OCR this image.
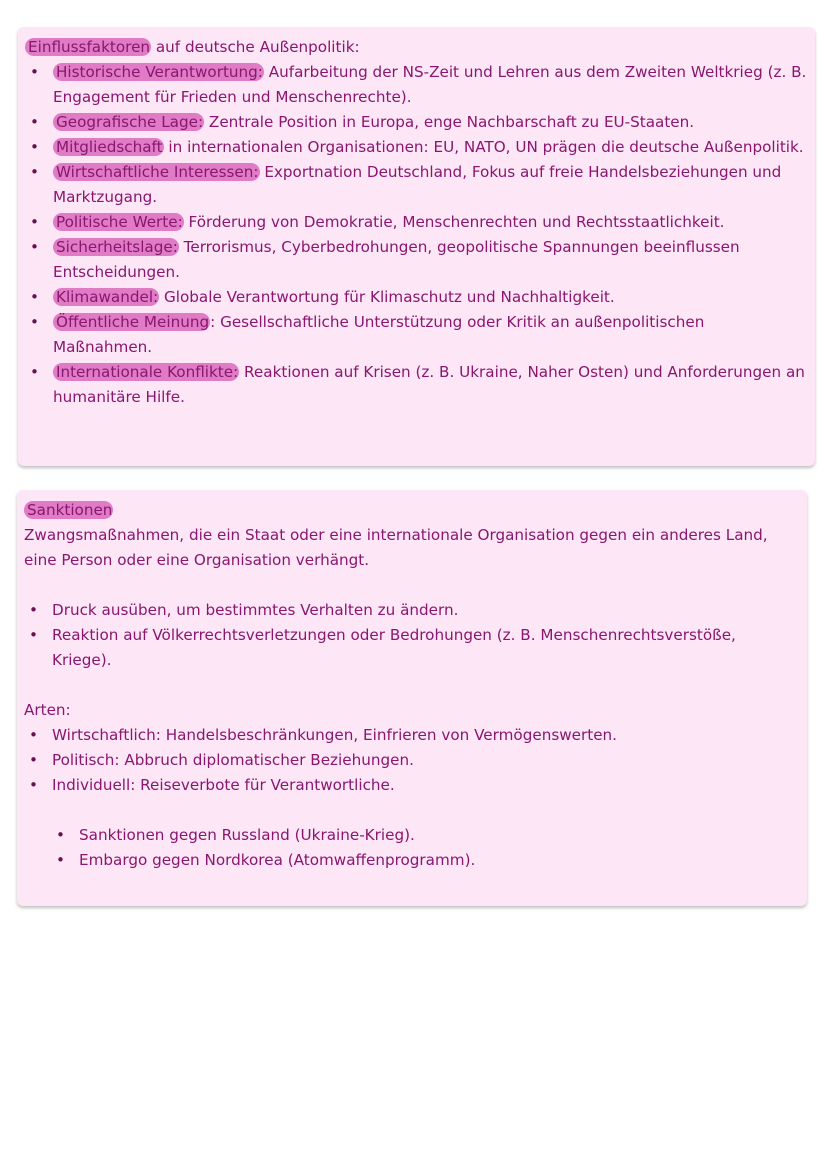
Einflussfaktoren auf deutsche Außenpolitik:
• Historische Verantwortung: Aufarbeitung der NS-Zeit und Lehren aus dem Zweiten Weltkrieg (z. B. Engagement für Frieden und Menschenrechte).
• Geografische Lage: Zentrale Position in Europa, enge Nachbarschaft zu EU-Staaten.
• Mitgliedschaft in internationalen Organisationen: EU, NATO, UN prägen die deutsche Außenpolitik.
• Wirtschaftliche Interessen: Exportnation Deutschland, Fokus auf freie Handelsbeziehungen und Marktzugang.
• Politische Werte: Förderung von Demokratie, Menschenrechten und Rechtsstaatlichkeit.
• Sicherheitslage: Terrorismus, Cyberbedrohungen, geopolitische Spannungen beeinflussen Entscheidungen.
• Klimawandel: Globale Verantwortung für Klimaschutz und Nachhaltigkeit.
• Öffentliche Meinung: Gesellschaftliche Unterstützung oder Kritik an außenpolitischen Maßnahmen.
• Internationale Konflikte: Reaktionen auf Krisen (z. B. Ukraine, Naher Osten) und Anforderungen an humanitäre Hilfe.
Sanktionen
Zwangsmaßnahmen, die ein Staat oder eine internationale Organisation gegen ein anderes Land, eine Person oder eine Organisation verhängt.
• Druck ausüben, um bestimmtes Verhalten zu ändern.
• Reaktion auf Völkerrechtsverletzungen oder Bedrohungen (z. B. Menschenrechtsverstöße, Kriege).
Arten:
• Wirtschaftlich: Handelsbeschränkungen, Einfrieren von Vermögenswerten.
• Politisch: Abbruch diplomatischer Beziehungen.
• Individuell: Reiseverbote für Verantwortliche.
• Sanktionen gegen Russland (Ukraine-Krieg).
• Embargo gegen Nordkorea (Atomwaffenprogramm).
